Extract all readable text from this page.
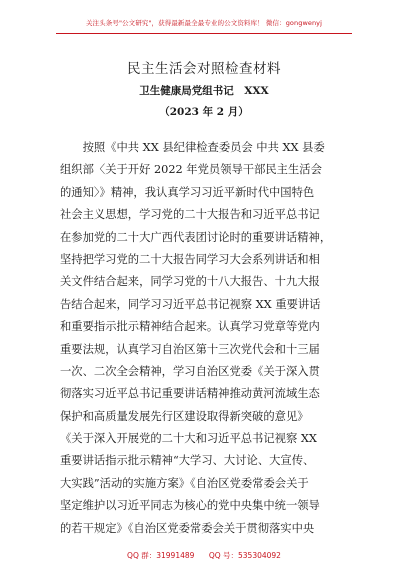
关注头条号"公文研究"，获得最新最全最专业的公文资料库！ 微信：gongwenyj
民主生活会对照检查材料
卫生健康局党组书记　XXX
（2023 年 2 月）
　　按照《中共 XX 县纪律检查委员会 中共 XX 县委
组织部〈关于开好 2022 年党员领导干部民主生活会
的通知〉》精神，我认真学习习近平新时代中国特色
社会主义思想，学习党的二十大报告和习近平总书记
在参加党的二十大广西代表团讨论时的重要讲话精神，
坚持把学习党的二十大报告同学习大会系列讲话和相
关文件结合起来，同学习党的十八大报告、十九大报
告结合起来，同学习习近平总书记视察 XX 重要讲话
和重要指示批示精神结合起来。认真学习党章等党内
重要法规，认真学习自治区第十三次党代会和十三届
一次、二次全会精神，学习自治区党委《关于深入贯
彻落实习近平总书记重要讲话精神推动黄河流域生态
保护和高质量发展先行区建设取得新突破的意见》
《关于深入开展党的二十大和习近平总书记视察 XX
重要讲话指示批示精神“大学习、大讨论、大宣传、
大实践”活动的实施方案》《自治区党委常委会关于
坚定维护以习近平同志为核心的党中央集中统一领导
的若干规定》《自治区党委常委会关于贯彻落实中央
QQ 群：31991489 QQ 号：535304092
